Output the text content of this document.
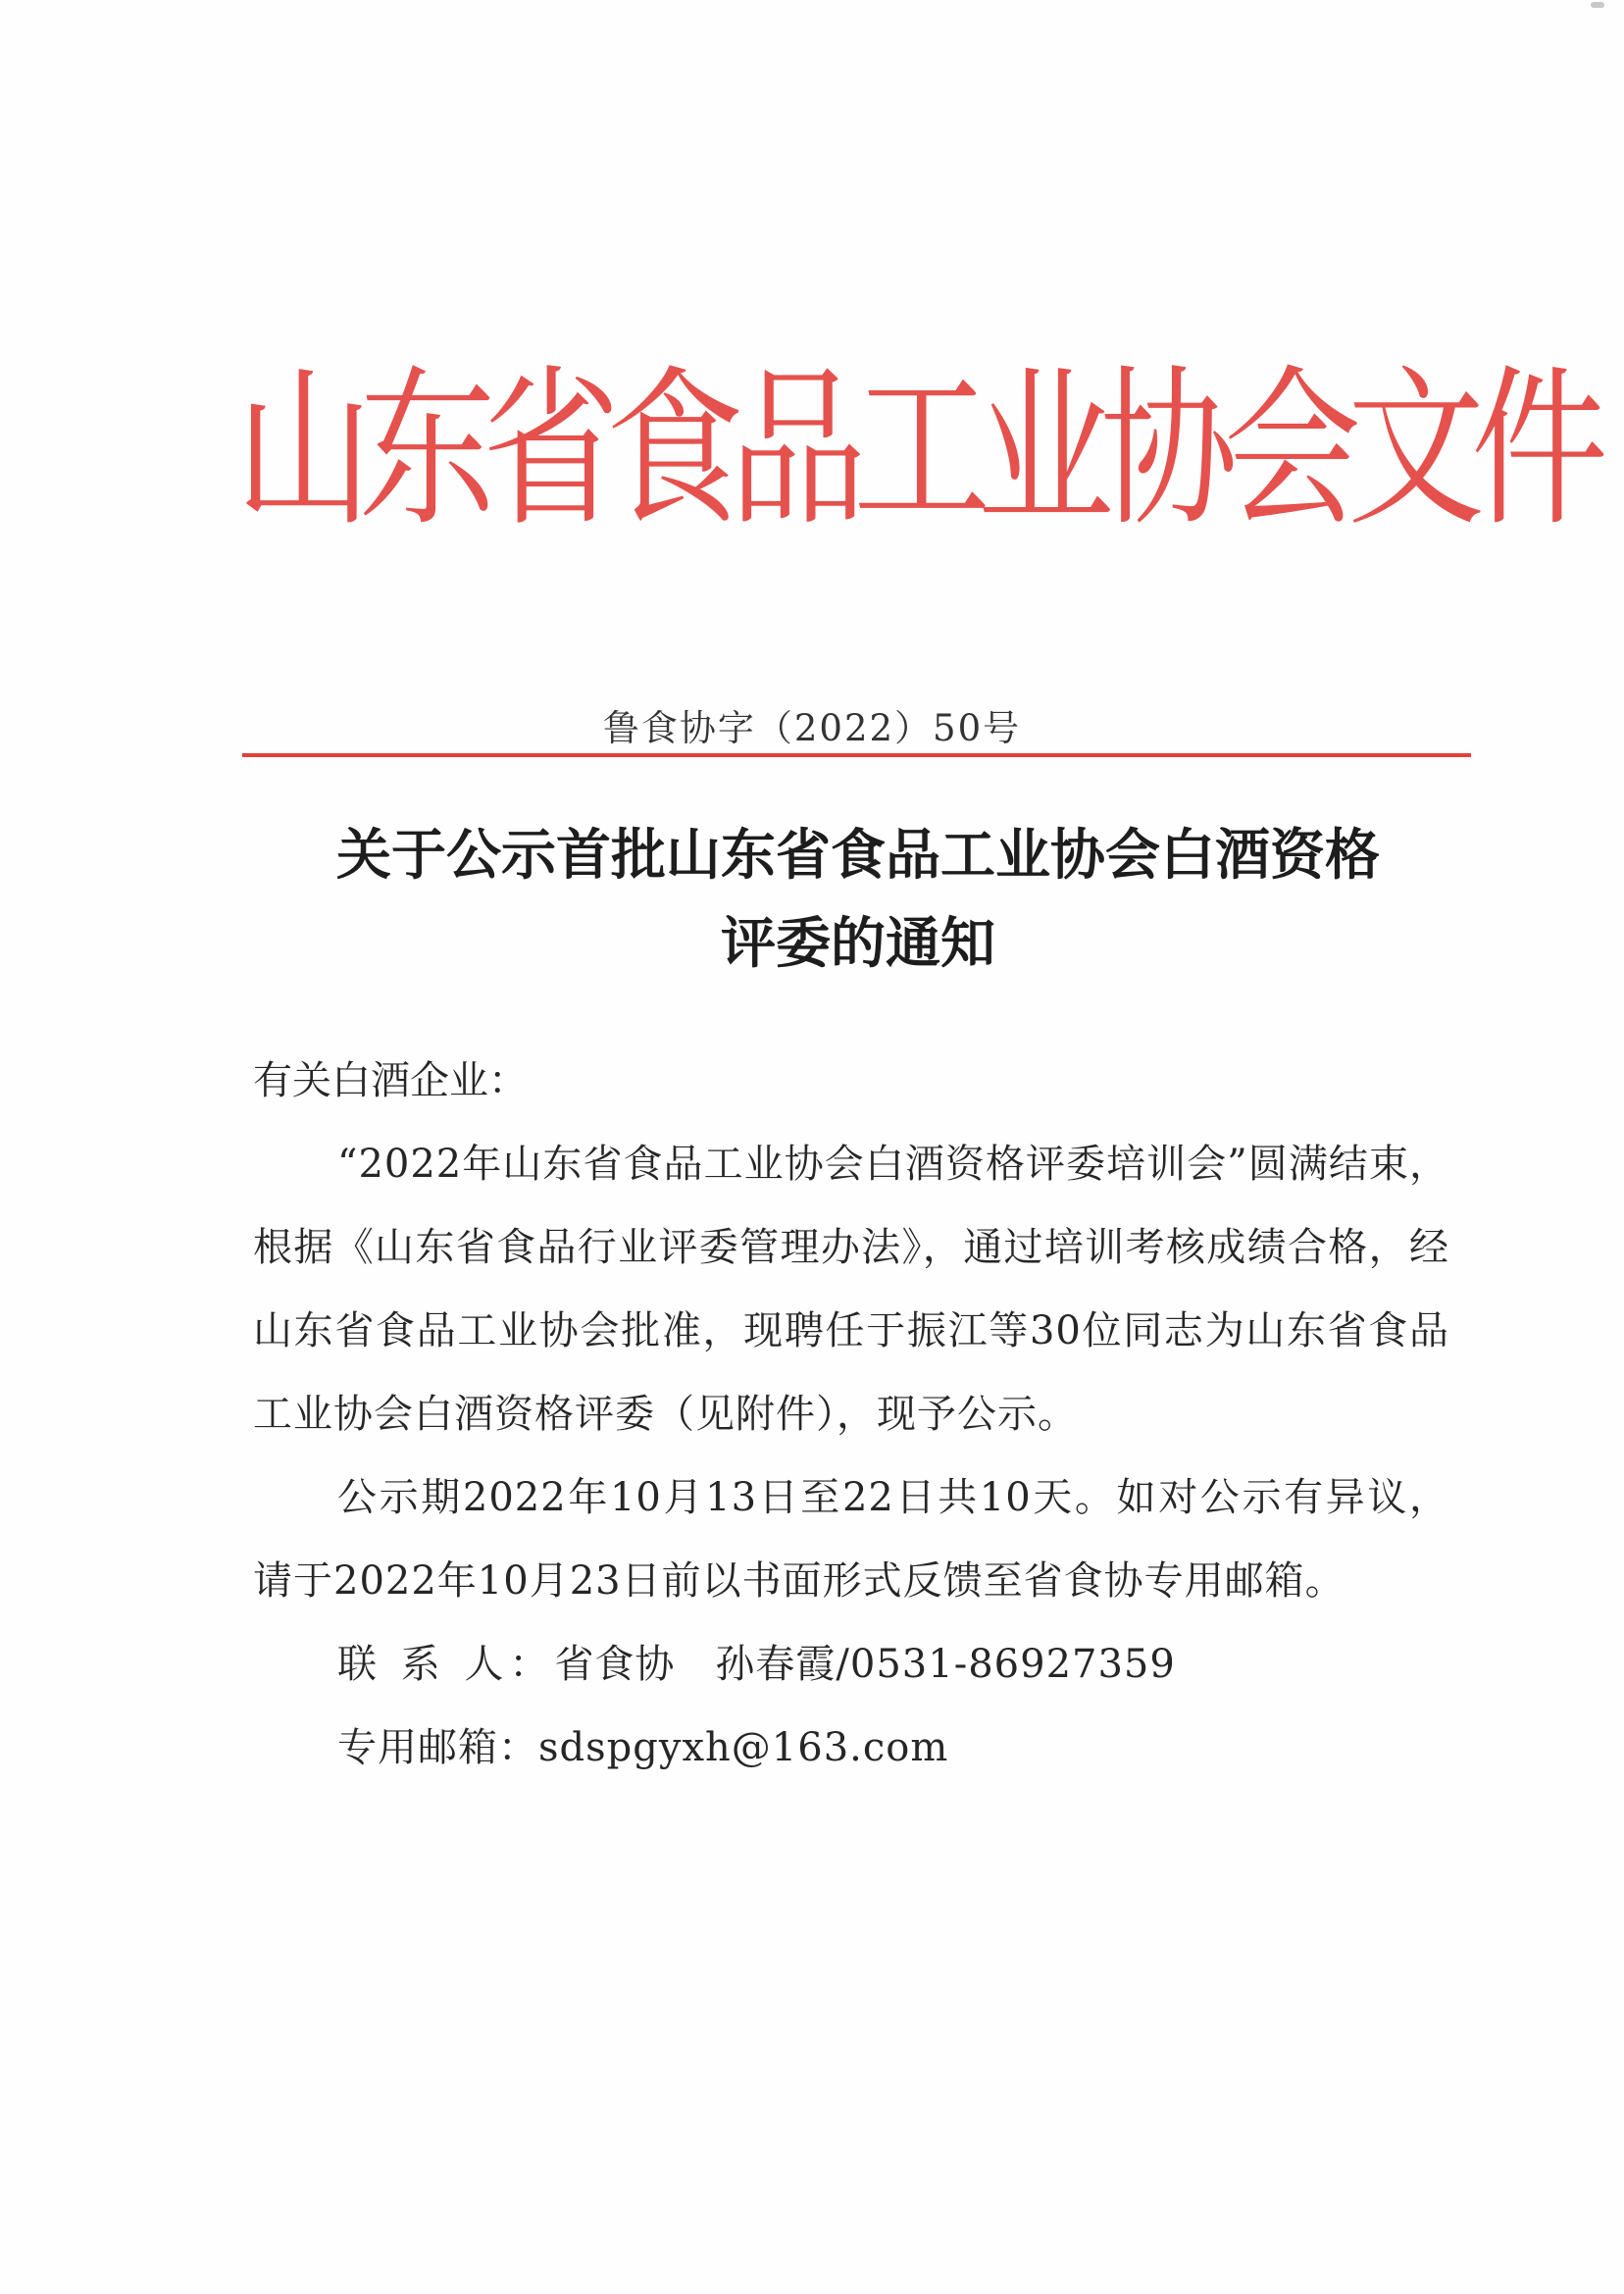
山
东
省
食
品
工
业
协
会
文
件
鲁食协字（2022）50号
关于公示首批山东省食品工业协会白酒资格
评委的通知
有关白酒企业：
“2022年山东省食品工业协会白酒资格评委培训会”圆满结束，根据《山东省食品行业评委管理办法》，通过培训考核成绩合格，经山东省食品工业协会批准，现聘任于振江等30位同志为山东省食品工业协会白酒资格评委（见附件），现予公示。
公示期2022年10月13日至22日共10天。如对公示有异议，请于2022年10月23日前以书面形式反馈至省食协专用邮箱。
联 系 人：省食协　孙春霞/0531-86927359
专用邮箱：sdspgyxh@163.com
